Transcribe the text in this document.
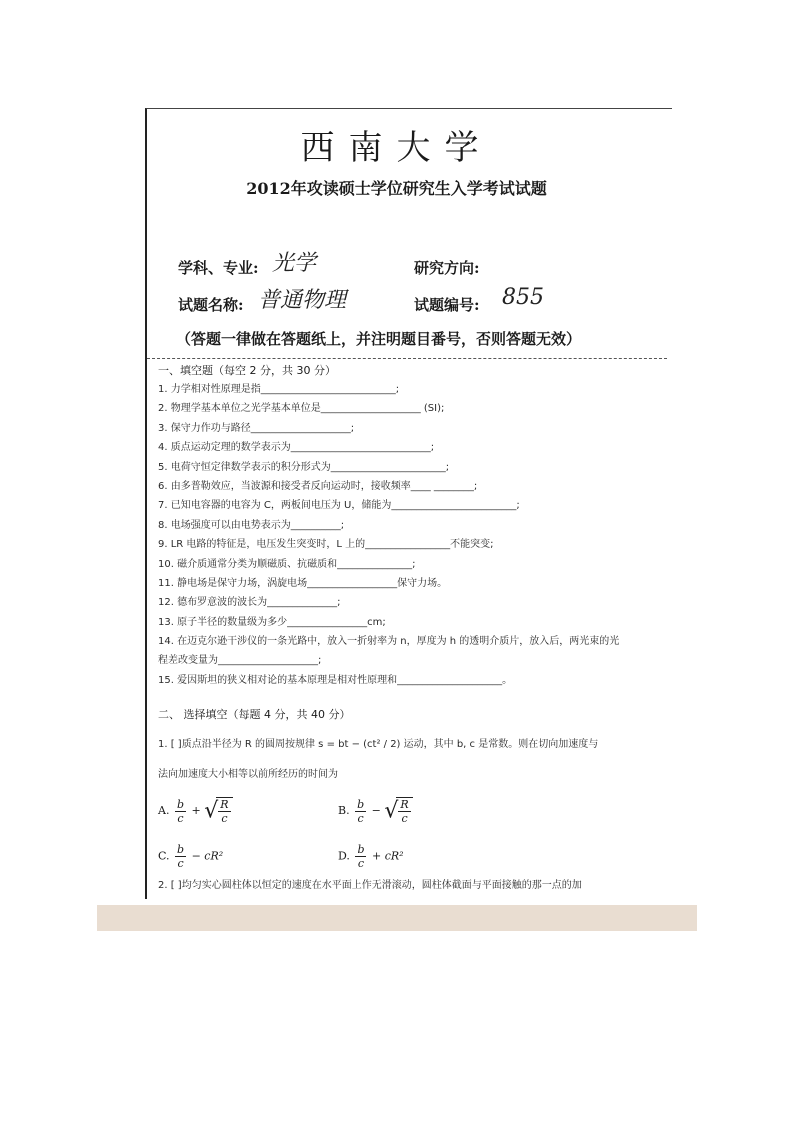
西南大学
2012年攻读硕士学位研究生入学考试试题
学科、专业: 光学	研究方向:
试题名称: 普通物理	试题编号: 855
（答题一律做在答题纸上，并注明题目番号，否则答题无效）
一、填空题（每空 2 分，共 30 分）
1. 力学相对性原理是指___________________________;
2. 物理学基本单位之光学基本单位是____________________ (SI);
3. 保守力作功与路径____________________;
4. 质点运动定理的数学表示为____________________________;
5. 电荷守恒定律数学表示的积分形式为_______________________;
6. 由多普勒效应，当波源和接受者反向运动时，接收频率____ ________;
7. 已知电容器的电容为 C，两板间电压为 U，储能为_________________________;
8. 电场强度可以由电势表示为__________;
9. LR 电路的特征是，电压发生突变时，L 上的_________________不能突变;
10. 磁介质通常分类为顺磁质、抗磁质和_______________;
11. 静电场是保守力场，涡旋电场__________________保守力场。
12. 德布罗意波的波长为______________;
13. 原子半径的数量级为多少________________cm;
14. 在迈克尔逊干涉仪的一条光路中，放入一折射率为 n，厚度为 h 的透明介质片，放入后，两光束的光
程差改变量为____________________;
15. 爱因斯坦的狭义相对论的基本原理是相对性原理和_____________________。
二、 选择填空（每题 4 分，共 40 分）
1. [ ]质点沿半径为 R 的圆周按规律 s = bt − (ct² / 2) 运动，其中 b, c 是常数。则在切向加速度与
法向加速度大小相等以前所经历的时间为
A. $\frac{b}{c}$ + √ $\frac{R}{c}$	B. $\frac{b}{c}$ − √ $\frac{R}{c}$
C. $\frac{b}{c} - cR^2$	D. $\frac{b}{c} + cR^2$
2. [ ]均匀实心圆柱体以恒定的速度在水平面上作无滑滚动，圆柱体截面与平面接触的那一点的加
